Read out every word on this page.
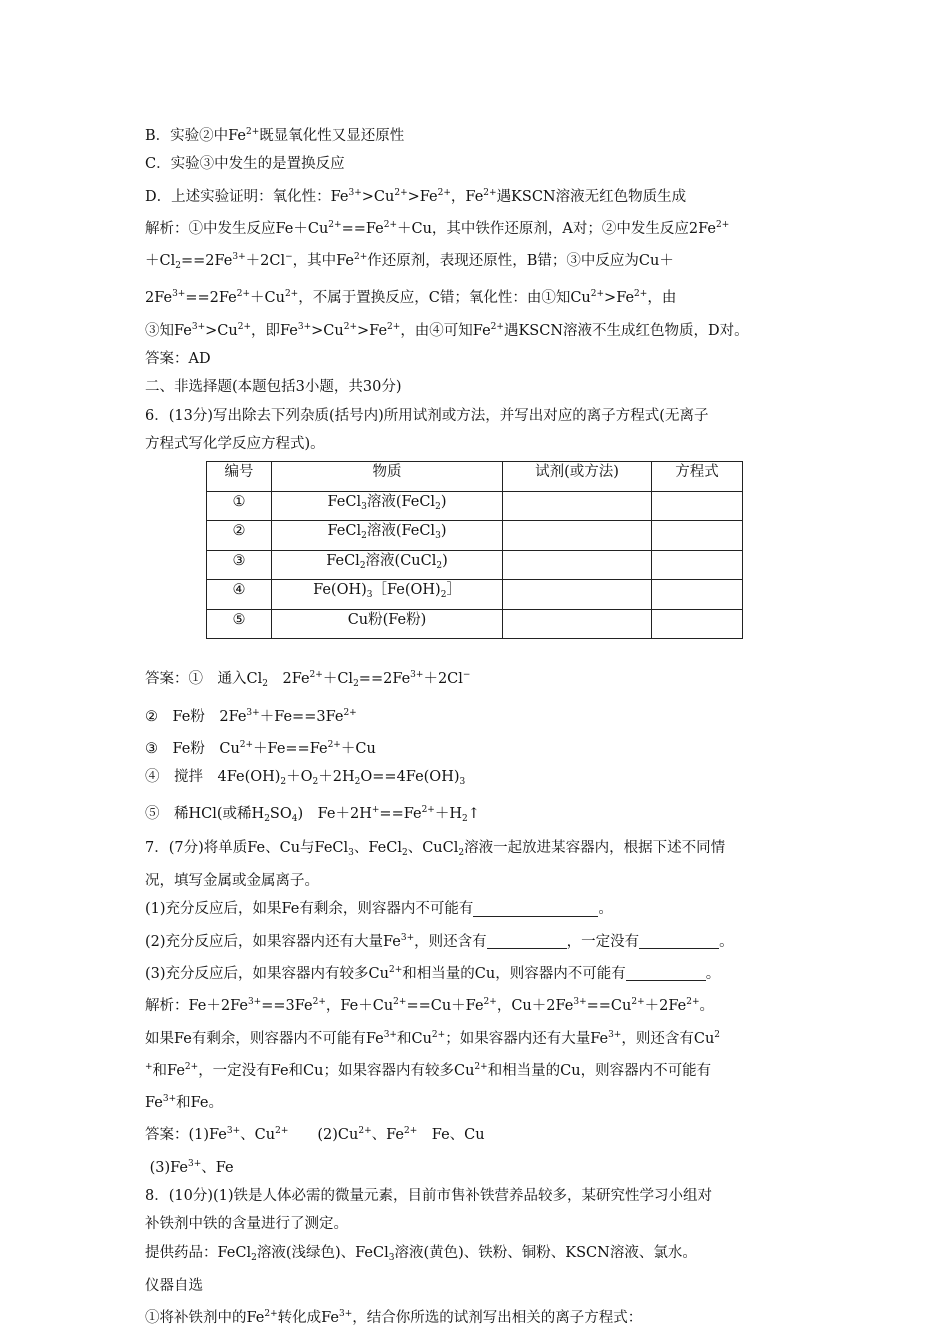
B．实验②中$Fe^{2+}$既显氧化性又显还原性
C．实验③中发生的是置换反应
D．上述实验证明：氧化性：$Fe^{3+}>Cu^{2+}>Fe^{2+}$，$Fe^{2+}$遇KSCN溶液无红色物质生成
解析：①中发生反应$Fe+Cu^{2+}==Fe^{2+}+Cu$，其中铁作还原剂，A对；②中发生反应$2Fe^{2+}$
$+Cl_2==2Fe^{3+}+2Cl^-$，其中$Fe^{2+}$作还原剂，表现还原性，B错；③中反应为Cu＋
$2Fe^{3+}==2Fe^{2+}+Cu^{2+}$，不属于置换反应，C错；氧化性：由①知$Cu^{2+}>Fe^{2+}$，由
③知$Fe^{3+}>Cu^{2+}$，即$Fe^{3+}>Cu^{2+}>Fe^{2+}$，由④可知$Fe^{2+}$遇KSCN溶液不生成红色物质，D对。
答案：AD
二、非选择题(本题包括3小题，共30分)
6．(13分)写出除去下列杂质(括号内)所用试剂或方法，并写出对应的离子方程式(无离子
方程式写化学反应方程式)。
编号	物质	试剂(或方法)	方程式
①	FeCl$_3$溶液(FeCl$_2$)		
②	FeCl$_2$溶液(FeCl$_3$)		
③	FeCl$_2$溶液(CuCl$_2$)		
④	$Fe(OH)_3[Fe(OH)_2]$		
⑤	Cu粉(Fe粉)		
答案：①　通入$Cl_2$　$2Fe^{2+}+Cl_2==2Fe^{3+}+2Cl^-$
②　Fe粉　$2Fe^{3+}+Fe==3Fe^{2+}$
③　Fe粉　$Cu^{2+}+Fe==Fe^{2+}+Cu$
④　搅拌　$4Fe(OH)_2+O_2+2H_2O==4Fe(OH)_3$
⑤　稀HCl(或稀$H_2SO_4$)　$Fe+2H^+==Fe^{2+}+H_2↑$
7．(7分)将单质Fe、Cu与FeCl$_3$、FeCl$_2$、CuCl$_2$溶液一起放进某容器内，根据下述不同情
况，填写金属或金属离子。
(1)充分反应后，如果Fe有剩余，则容器内不可能有	。
(2)充分反应后，如果容器内还有大量$Fe^{3+}$，则还含有	，一定没有	。
(3)充分反应后，如果容器内有较多$Cu^{2+}$和相当量的Cu，则容器内不可能有	。
解析：$Fe+2Fe^{3+}==3Fe^{2+}$，$Fe+Cu^{2+}==Cu+Fe^{2+}$，$Cu+2Fe^{3+}==Cu^{2+}+2Fe^{2+}$。
如果Fe有剩余，则容器内不可能有$Fe^{3+}$和$Cu^{2+}$；如果容器内还有大量$Fe^{3+}$，则还含有Cu$^2$
+和$Fe^{2+}$，一定没有Fe和Cu；如果容器内有较多$Cu^{2+}$和相当量的Cu，则容器内不可能有
$Fe^{3+}$和Fe。
答案：$(1)Fe^{3+}$、$Cu^{2+}$　　$(2)Cu^{2+}$、$Fe^{2+}$　Fe、Cu
$(3)Fe^{3+}$、Fe
8．(10分)(1)铁是人体必需的微量元素，目前市售补铁营养品较多，某研究性学习小组对
补铁剂中铁的含量进行了测定。
提供药品：FeCl$_2$溶液(浅绿色)、FeCl$_3$溶液(黄色)、铁粉、铜粉、KSCN溶液、氯水。
仪器自选
①将补铁剂中的$Fe^{2+}$转化成$Fe^{3+}$，结合你所选的试剂写出相关的离子方程式：
